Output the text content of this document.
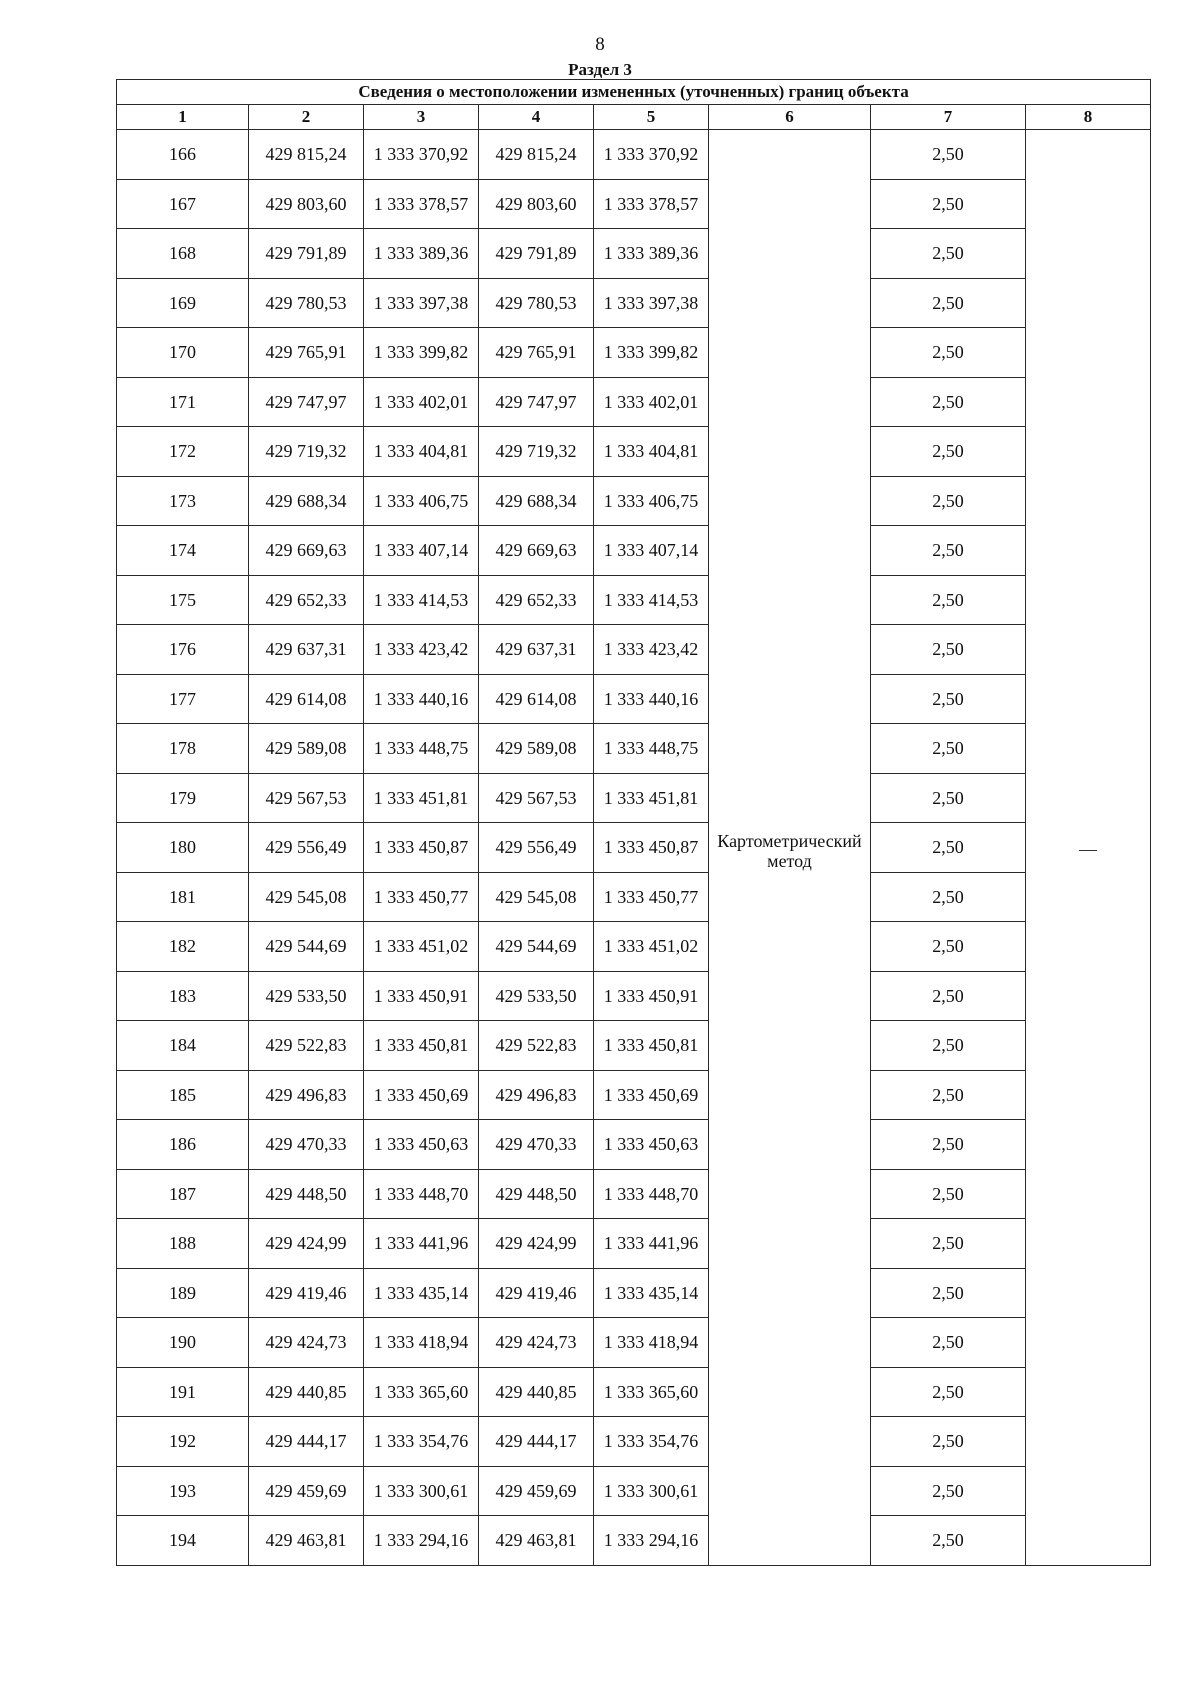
8
Раздел 3
Сведения о местоположении измененных (уточненных) границ объекта							
1	2	3	4	5	6	7	8
166	429 815,24	1 333 370,92	429 815,24	1 333 370,92	Картометрический метод	2,50	—
167	429 803,60	1 333 378,57	429 803,60	1 333 378,57		2,50	
168	429 791,89	1 333 389,36	429 791,89	1 333 389,36		2,50	
169	429 780,53	1 333 397,38	429 780,53	1 333 397,38		2,50	
170	429 765,91	1 333 399,82	429 765,91	1 333 399,82		2,50	
171	429 747,97	1 333 402,01	429 747,97	1 333 402,01		2,50	
172	429 719,32	1 333 404,81	429 719,32	1 333 404,81		2,50	
173	429 688,34	1 333 406,75	429 688,34	1 333 406,75		2,50	
174	429 669,63	1 333 407,14	429 669,63	1 333 407,14		2,50	
175	429 652,33	1 333 414,53	429 652,33	1 333 414,53		2,50	
176	429 637,31	1 333 423,42	429 637,31	1 333 423,42		2,50	
177	429 614,08	1 333 440,16	429 614,08	1 333 440,16		2,50	
178	429 589,08	1 333 448,75	429 589,08	1 333 448,75		2,50	
179	429 567,53	1 333 451,81	429 567,53	1 333 451,81		2,50	
180	429 556,49	1 333 450,87	429 556,49	1 333 450,87		2,50	
181	429 545,08	1 333 450,77	429 545,08	1 333 450,77		2,50	
182	429 544,69	1 333 451,02	429 544,69	1 333 451,02		2,50	
183	429 533,50	1 333 450,91	429 533,50	1 333 450,91		2,50	
184	429 522,83	1 333 450,81	429 522,83	1 333 450,81		2,50	
185	429 496,83	1 333 450,69	429 496,83	1 333 450,69		2,50	
186	429 470,33	1 333 450,63	429 470,33	1 333 450,63		2,50	
187	429 448,50	1 333 448,70	429 448,50	1 333 448,70		2,50	
188	429 424,99	1 333 441,96	429 424,99	1 333 441,96		2,50	
189	429 419,46	1 333 435,14	429 419,46	1 333 435,14		2,50	
190	429 424,73	1 333 418,94	429 424,73	1 333 418,94		2,50	
191	429 440,85	1 333 365,60	429 440,85	1 333 365,60		2,50	
192	429 444,17	1 333 354,76	429 444,17	1 333 354,76		2,50	
193	429 459,69	1 333 300,61	429 459,69	1 333 300,61		2,50	
194	429 463,81	1 333 294,16	429 463,81	1 333 294,16		2,50	
